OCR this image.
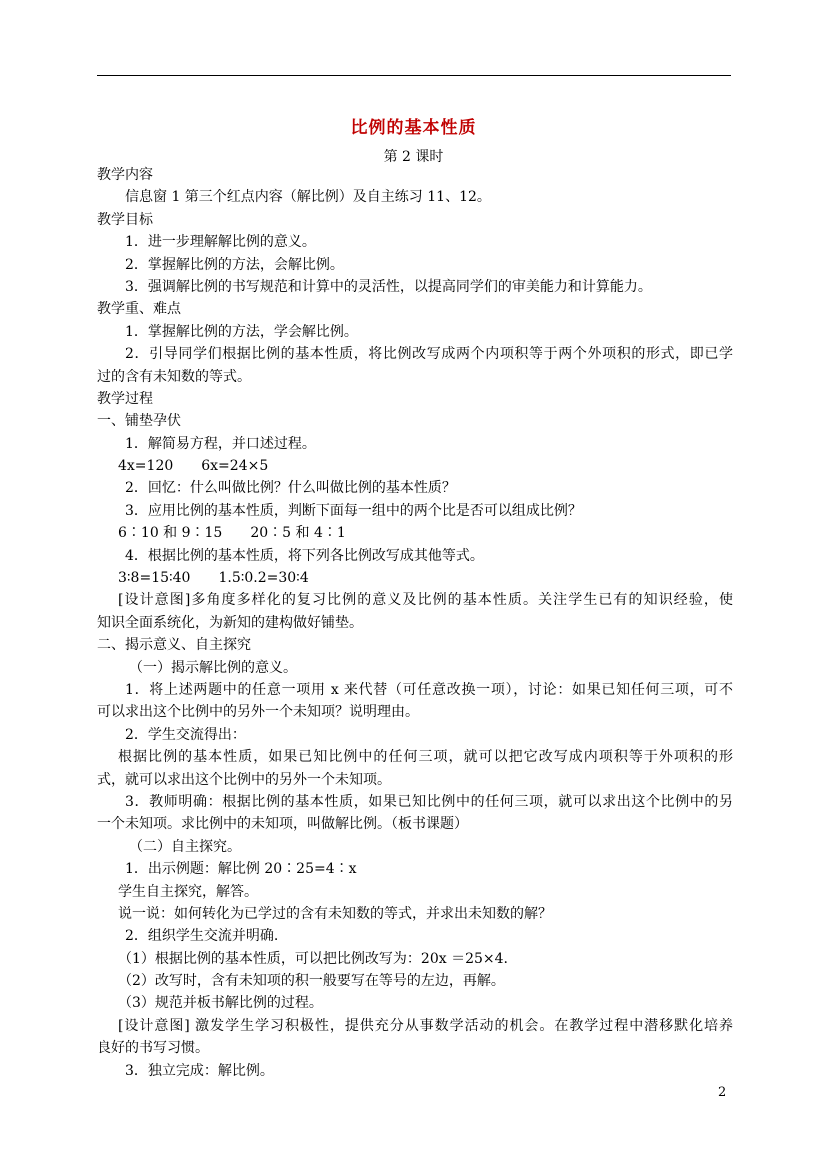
比例的基本性质
第 2 课时
教学内容
信息窗 1 第三个红点内容（解比例）及自主练习 11、12。
教学目标
1．进一步理解解比例的意义。
2．掌握解比例的方法，会解比例。
3．强调解比例的书写规范和计算中的灵活性，以提高同学们的审美能力和计算能力。
教学重、难点
1．掌握解比例的方法，学会解比例。
2．引导同学们根据比例的基本性质，将比例改写成两个内项积等于两个外项积的形式，即已学
过的含有未知数的等式。
教学过程
一、铺垫孕伏
1．解简易方程，并口述过程。
4x=120　　6x=24×5
2．回忆：什么叫做比例？什么叫做比例的基本性质？
3．应用比例的基本性质，判断下面每一组中的两个比是否可以组成比例？
6∶10 和 9∶15　　20∶5 和 4∶1
4．根据比例的基本性质，将下列各比例改写成其他等式。
3∶8=15∶40　　1.5∶0.2=30∶4
[设计意图]多角度多样化的复习比例的意义及比例的基本性质。关注学生已有的知识经验，使
知识全面系统化，为新知的建构做好铺垫。
二、揭示意义、自主探究
（一）揭示解比例的意义。
1．将上述两题中的任意一项用 x 来代替（可任意改换一项），讨论：如果已知任何三项，可不
可以求出这个比例中的另外一个未知项？说明理由。
2．学生交流得出：
根据比例的基本性质，如果已知比例中的任何三项，就可以把它改写成内项积等于外项积的形
式，就可以求出这个比例中的另外一个未知项。
3．教师明确：根据比例的基本性质，如果已知比例中的任何三项，就可以求出这个比例中的另
一个未知项。求比例中的未知项，叫做解比例。（板书课题）
（二）自主探究。
1．出示例题：解比例 20∶25=4∶x
学生自主探究，解答。
说一说：如何转化为已学过的含有未知数的等式，并求出未知数的解？
2．组织学生交流并明确.
（1）根据比例的基本性质，可以把比例改写为：20x ＝25×4.
（2）改写时，含有未知项的积一般要写在等号的左边，再解。
（3）规范并板书解比例的过程。
[设计意图] 激发学生学习积极性，提供充分从事数学活动的机会。在教学过程中潜移默化培养
良好的书写习惯。
3．独立完成：解比例。
2
